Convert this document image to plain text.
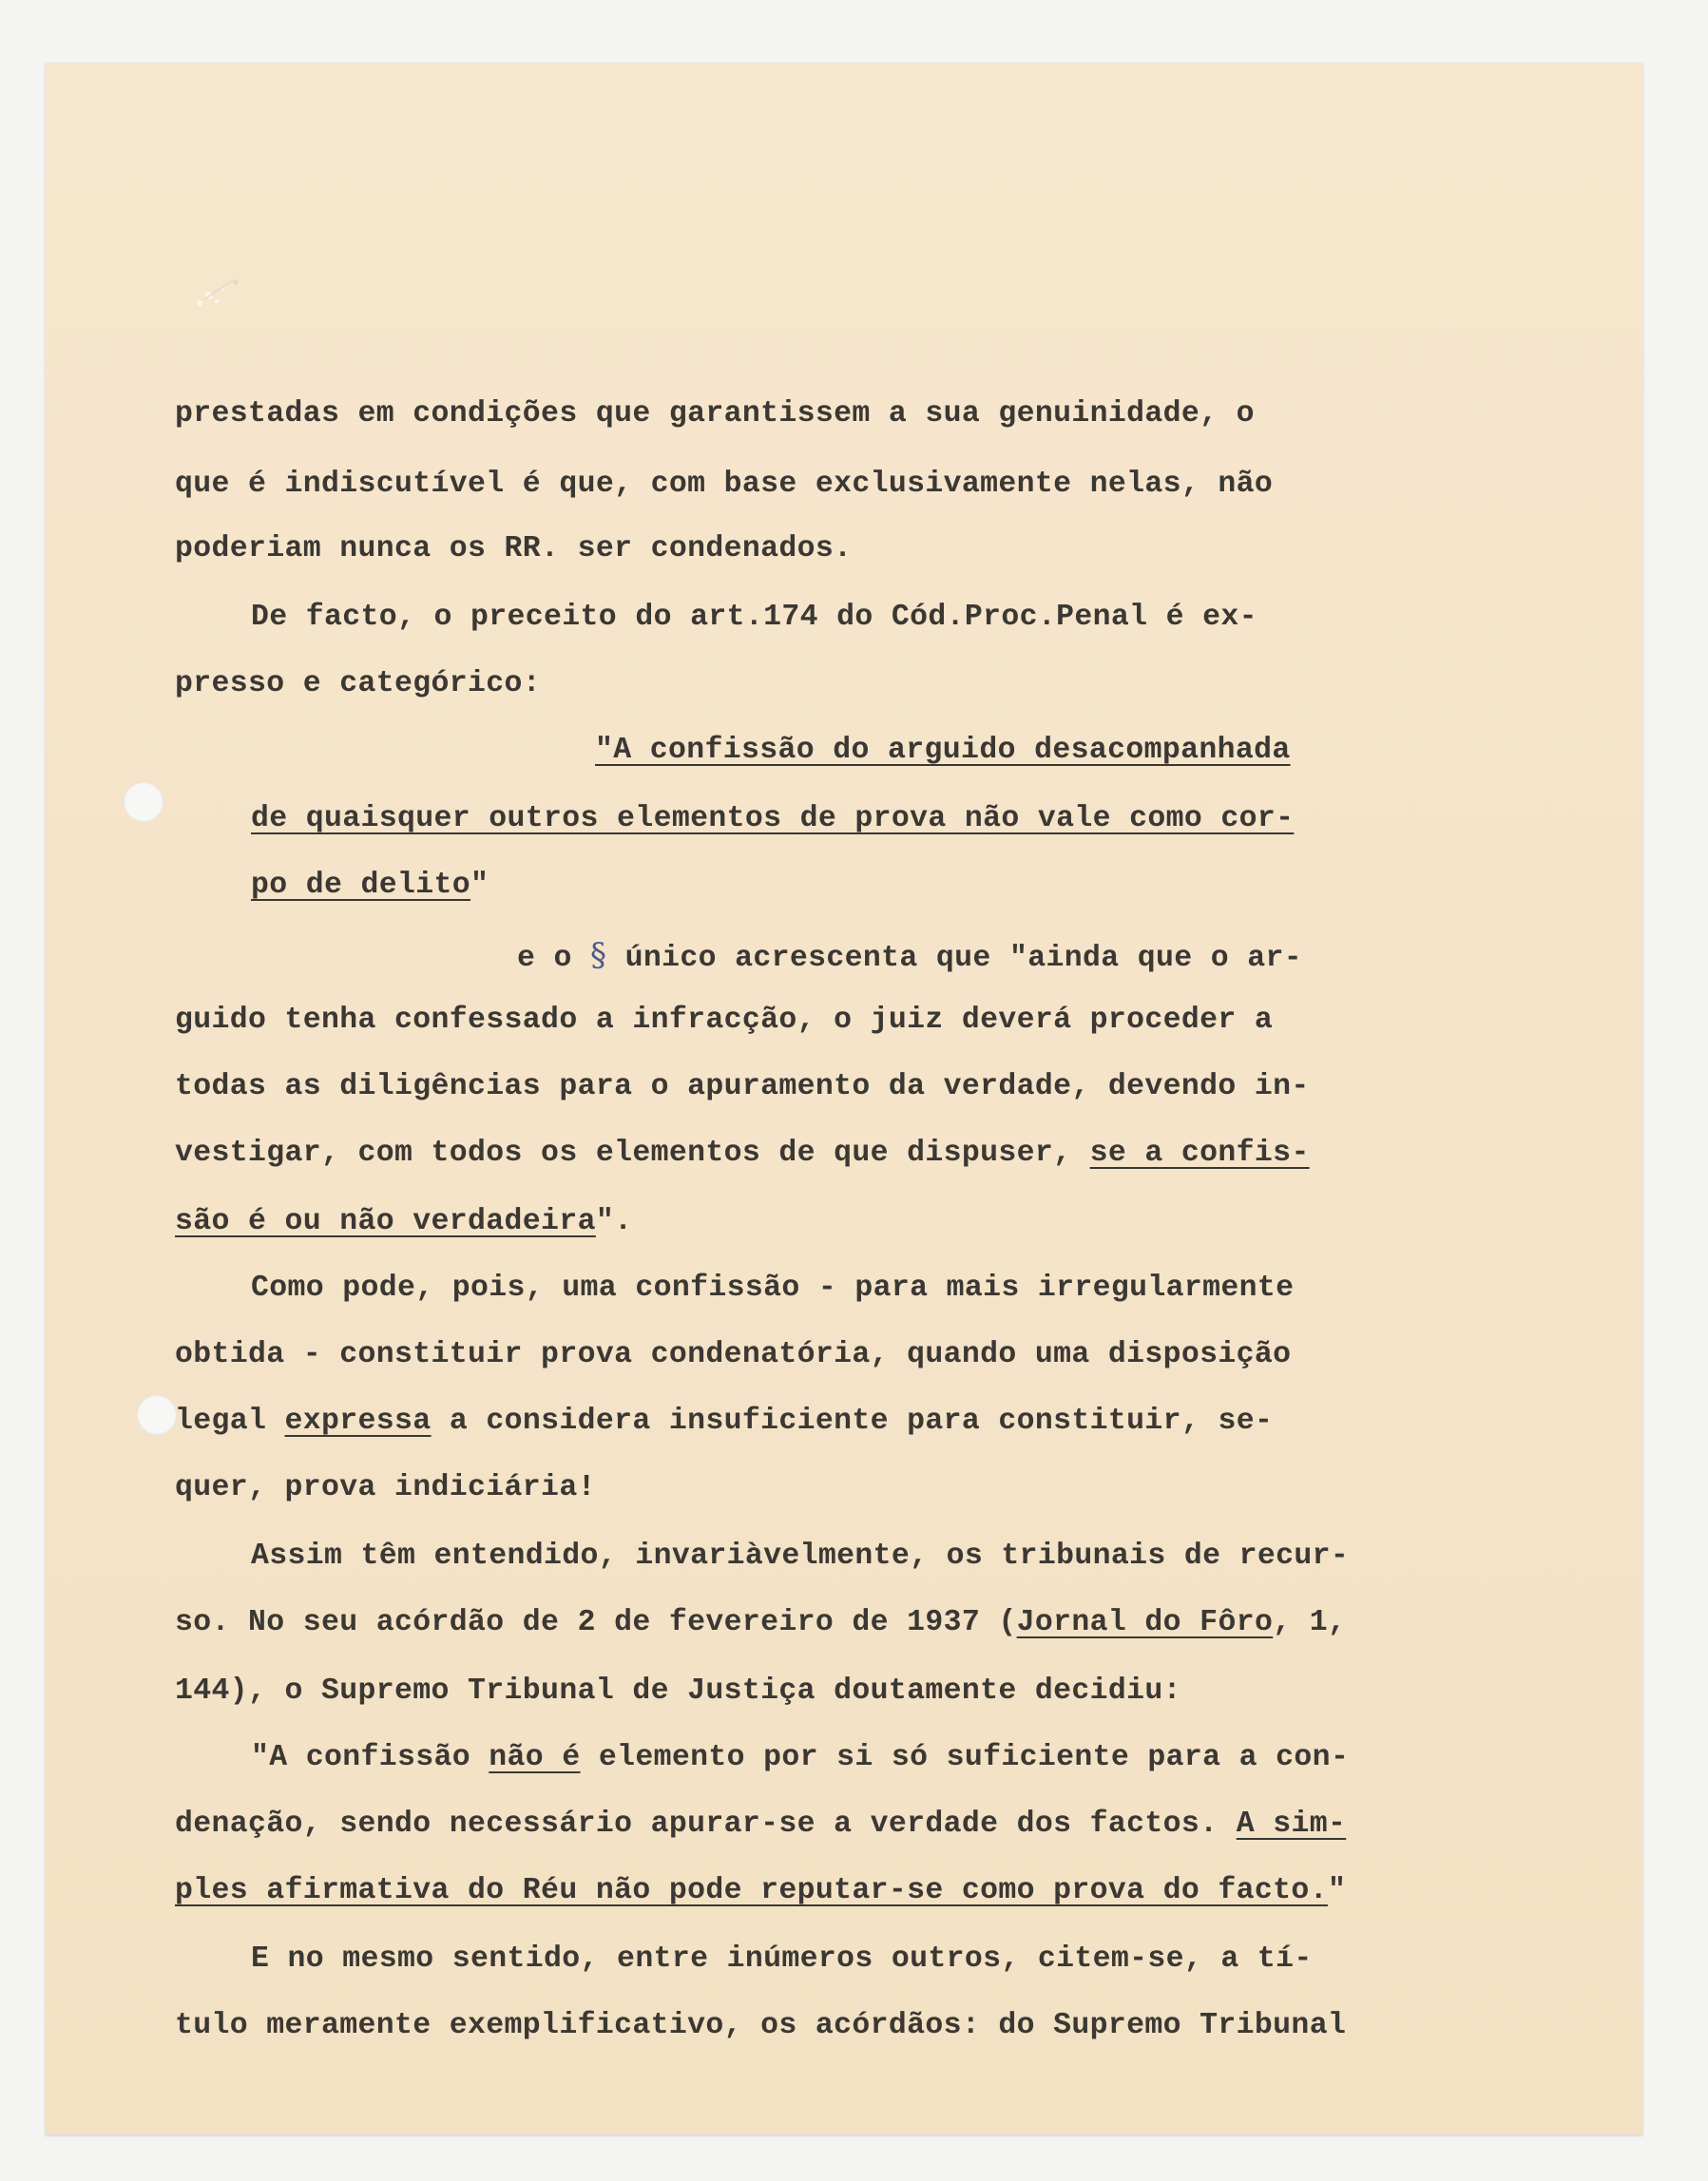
prestadas em condições que garantissem a sua genuinidade, o
que é indiscutível é que, com base exclusivamente nelas, não
poderiam nunca os RR. ser condenados.
De facto, o preceito do art.174 do Cód.Proc.Penal é ex-
presso e categórico:
"A confissão do arguido desacompanhada
de quaisquer outros elementos de prova não vale como cor-
po de delito"
e o § único acrescenta que "ainda que o ar-
guido tenha confessado a infracção, o juiz deverá proceder a
todas as diligências para o apuramento da verdade, devendo in-
vestigar, com todos os elementos de que dispuser, se a confis-
são é ou não verdadeira".
Como pode, pois, uma confissão - para mais irregularmente
obtida - constituir prova condenatória, quando uma disposição
legal expressa a considera insuficiente para constituir, se-
quer, prova indiciária!
Assim têm entendido, invariàvelmente, os tribunais de recur-
so. No seu acórdão de 2 de fevereiro de 1937 (Jornal do Fôro, 1,
144), o Supremo Tribunal de Justiça doutamente decidiu:
"A confissão não é elemento por si só suficiente para a con-
denação, sendo necessário apurar-se a verdade dos factos. A sim-
ples afirmativa do Réu não pode reputar-se como prova do facto."
E no mesmo sentido, entre inúmeros outros, citem-se, a tí-
tulo meramente exemplificativo, os acórdãos: do Supremo Tribunal
